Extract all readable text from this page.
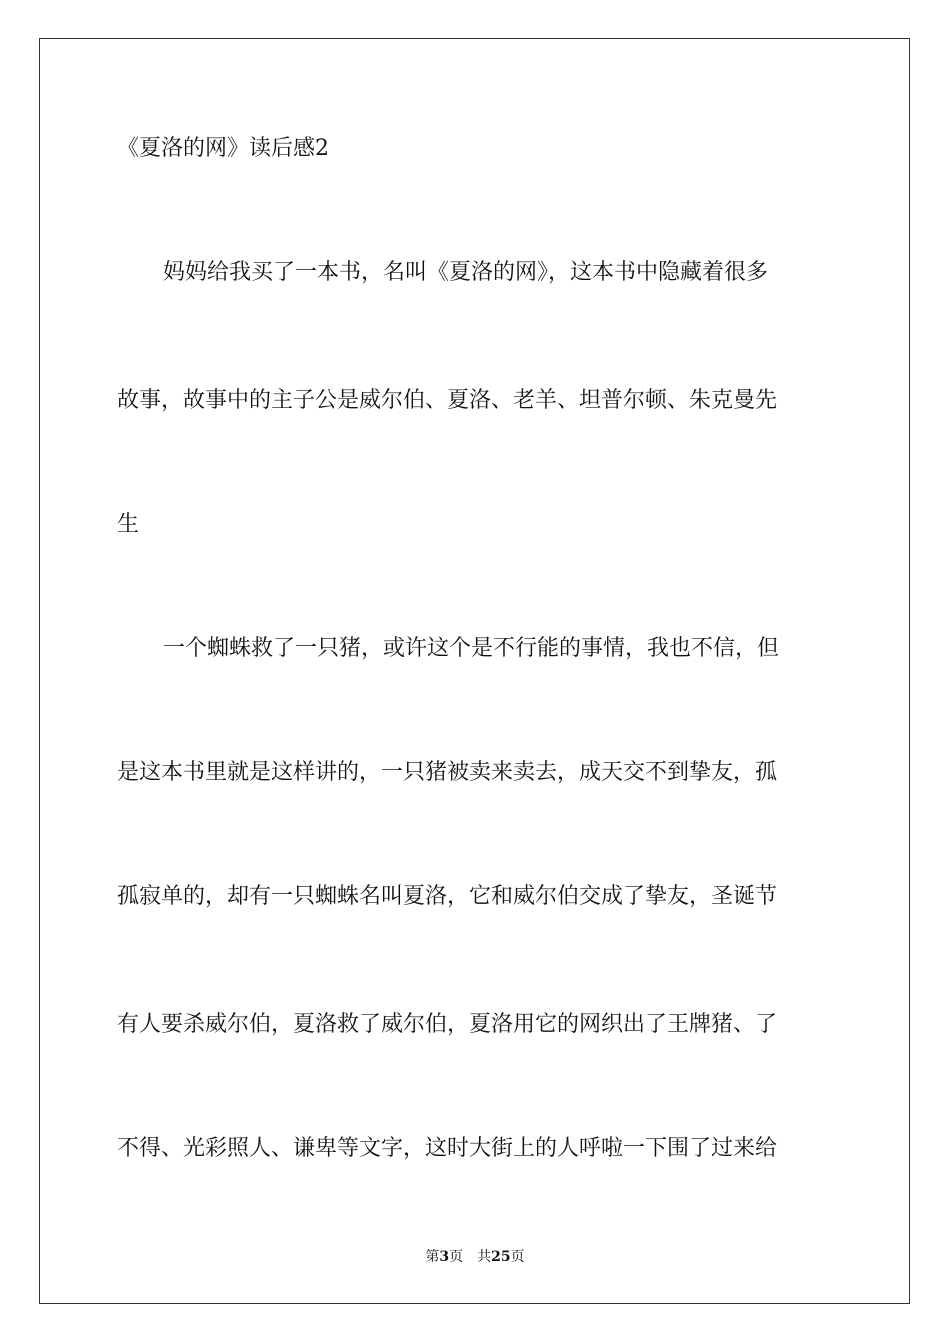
《夏洛的网》读后感2
妈妈给我买了一本书，名叫《夏洛的网》，这本书中隐藏着很多
故事，故事中的主子公是威尔伯、夏洛、老羊、坦普尔顿、朱克曼先
生
一个蜘蛛救了一只猪，或许这个是不行能的事情，我也不信，但
是这本书里就是这样讲的，一只猪被卖来卖去，成天交不到挚友，孤
孤寂单的，却有一只蜘蛛名叫夏洛，它和威尔伯交成了挚友，圣诞节
有人要杀威尔伯，夏洛救了威尔伯，夏洛用它的网织出了王牌猪、了
不得、光彩照人、谦卑等文字，这时大街上的人呼啦一下围了过来给
第3页 共25页
